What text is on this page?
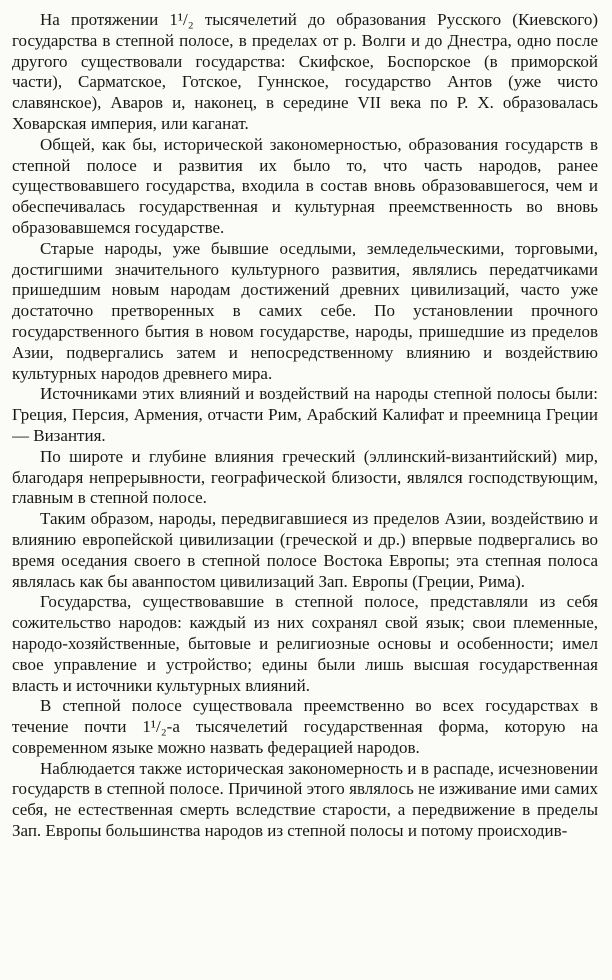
На протяжении 1¹/₂ тысячелетий до образования Русского (Киевского) государства в степной полосе, в пределах от р. Волги и до Днестра, одно после другого существовали государства: Скифское, Боспорское (в приморской части), Сарматское, Готское, Гуннское, государство Антов (уже чисто славянское), Аваров и, наконец, в середине VII века по Р. X. образовалась Ховарская империя, или каганат.

Общей, как бы, исторической закономерностью, образования государств в степной полосе и развития их было то, что часть народов, ранее существовавшего государства, входила в состав вновь образовавшегося, чем и обеспечивалась государственная и культурная преемственность во вновь образовавшемся государстве.

Старые народы, уже бывшие оседлыми, земледельческими, торговыми, достигшими значительного культурного развития, являлись передатчиками пришедшим новым народам достижений древних цивилизаций, часто уже достаточно претворенных в самих себе. По установлении прочного государственного бытия в новом государстве, народы, пришедшие из пределов Азии, подвергались затем и непосредственному влиянию и воздействию культурных народов древнего мира.

Источниками этих влияний и воздействий на народы степной полосы были: Греция, Персия, Армения, отчасти Рим, Арабский Калифат и преемница Греции — Византия.

По широте и глубине влияния греческий (эллинский-византийский) мир, благодаря непрерывности, географической близости, являлся господствующим, главным в степной полосе.

Таким образом, народы, передвигавшиеся из пределов Азии, воздействию и влиянию европейской цивилизации (греческой и др.) впервые подвергались во время оседания своего в степной полосе Востока Европы; эта степная полоса являлась как бы аванпостом цивилизаций Зап. Европы (Греции, Рима).

Государства, существовавшие в степной полосе, представляли из себя сожительство народов: каждый из них сохранял свой язык; свои племенные, народо-хозяйственные, бытовые и религиозные основы и особенности; имел свое управление и устройство; едины были лишь высшая государственная власть и источники культурных влияний.

В степной полосе существовала преемственно во всех государствах в течение почти 1¹/₂-а тысячелетий государственная форма, которую на современном языке можно назвать федерацией народов.

Наблюдается также историческая закономерность и в распаде, исчезновении государств в степной полосе. Причиной этого являлось не изживание ими самих себя, не естественная смерть вследствие старости, а передвижение в пределы Зап. Европы большинства народов из степной полосы и потому происходив-
